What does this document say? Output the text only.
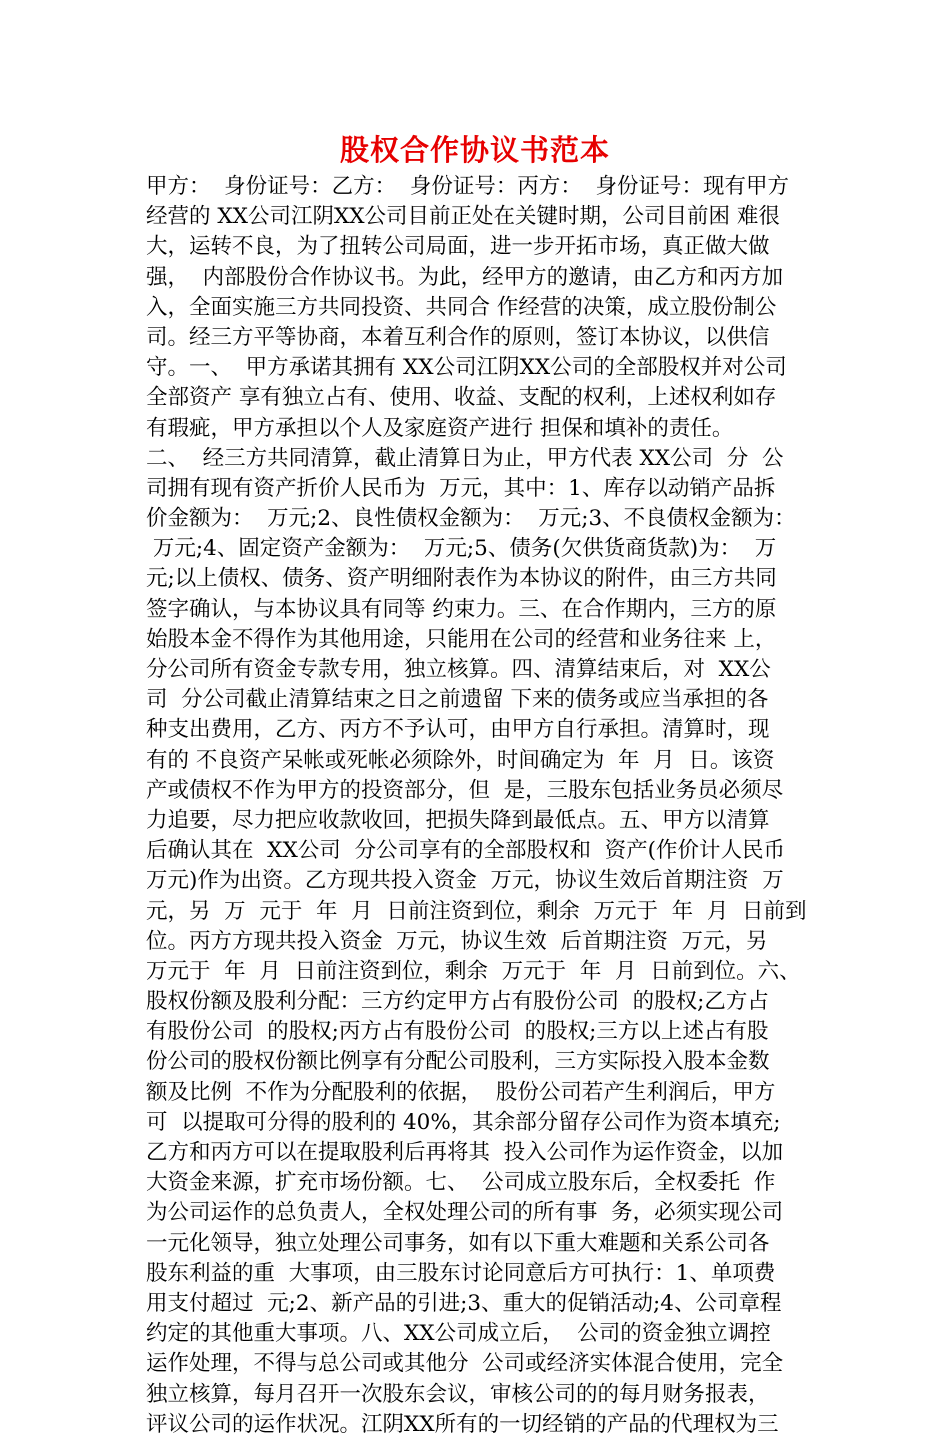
股权合作协议书范本
甲方：  身份证号：乙方：  身份证号：丙方：  身份证号：现有甲方
经营的 XX公司江阴XX公司目前正处在关键时期，公司目前困 难很
大，运转不良，为了扭转公司局面，进一步开拓市场，真正做大做
强，  内部股份合作协议书。为此，经甲方的邀请，由乙方和丙方加
入，全面实施三方共同投资、共同合 作经营的决策，成立股份制公
司。经三方平等协商，本着互利合作的原则，签订本协议，以供信
守。一、  甲方承诺其拥有 XX公司江阴XX公司的全部股权并对公司
全部资产 享有独立占有、使用、收益、支配的权利，上述权利如存
有瑕疵，甲方承担以个人及家庭资产进行 担保和填补的责任。
二、  经三方共同清算，截止清算日为止，甲方代表 XX公司  分  公
司拥有现有资产折价人民币为  万元，其中：1、库存以动销产品拆
价金额为：  万元;2、良性债权金额为：  万元;3、不良债权金额为：
万元;4、固定资产金额为：  万元;5、债务(欠供货商货款)为：  万
元;以上债权、债务、资产明细附表作为本协议的附件，由三方共同
签字确认，与本协议具有同等 约束力。三、在合作期内，三方的原
始股本金不得作为其他用途，只能用在公司的经营和业务往来 上，
分公司所有资金专款专用，独立核算。四、清算结束后，对  XX公
司  分公司截止清算结束之日之前遗留 下来的债务或应当承担的各
种支出费用，乙方、丙方不予认可，由甲方自行承担。清算时，现
有的 不良资产呆帐或死帐必须除外，时间确定为  年  月  日。该资
产或债权不作为甲方的投资部分，但  是，三股东包括业务员必须尽
力追要，尽力把应收款收回，把损失降到最低点。五、甲方以清算
后确认其在  XX公司  分公司享有的全部股权和  资产(作价计人民币
万元)作为出资。乙方现共投入资金  万元，协议生效后首期注资  万
元，另  万  元于  年  月  日前注资到位，剩余  万元于  年  月  日前到
位。丙方方现共投入资金  万元，协议生效  后首期注资  万元，另
万元于  年  月  日前注资到位，剩余  万元于  年  月  日前到位。六、
股权份额及股利分配：三方约定甲方占有股份公司  的股权;乙方占
有股份公司  的股权;丙方占有股份公司  的股权;三方以上述占有股
份公司的股权份额比例享有分配公司股利，三方实际投入股本金数
额及比例  不作为分配股利的依据，  股份公司若产生利润后，甲方
可  以提取可分得的股利的 40%，其余部分留存公司作为资本填充;
乙方和丙方可以在提取股利后再将其  投入公司作为运作资金，以加
大资金来源，扩充市场份额。七、  公司成立股东后，全权委托  作
为公司运作的总负责人，全权处理公司的所有事  务，必须实现公司
一元化领导，独立处理公司事务，如有以下重大难题和关系公司各
股东利益的重  大事项，由三股东讨论同意后方可执行：1、单项费
用支付超过  元;2、新产品的引进;3、重大的促销活动;4、公司章程
约定的其他重大事项。八、XX公司成立后，  公司的资金独立调控
运作处理，不得与总公司或其他分  公司或经济实体混合使用，完全
独立核算，每月召开一次股东会议，审核公司的的每月财务报表，
评议公司的运作状况。江阴XX所有的一切经销的产品的代理权为三
